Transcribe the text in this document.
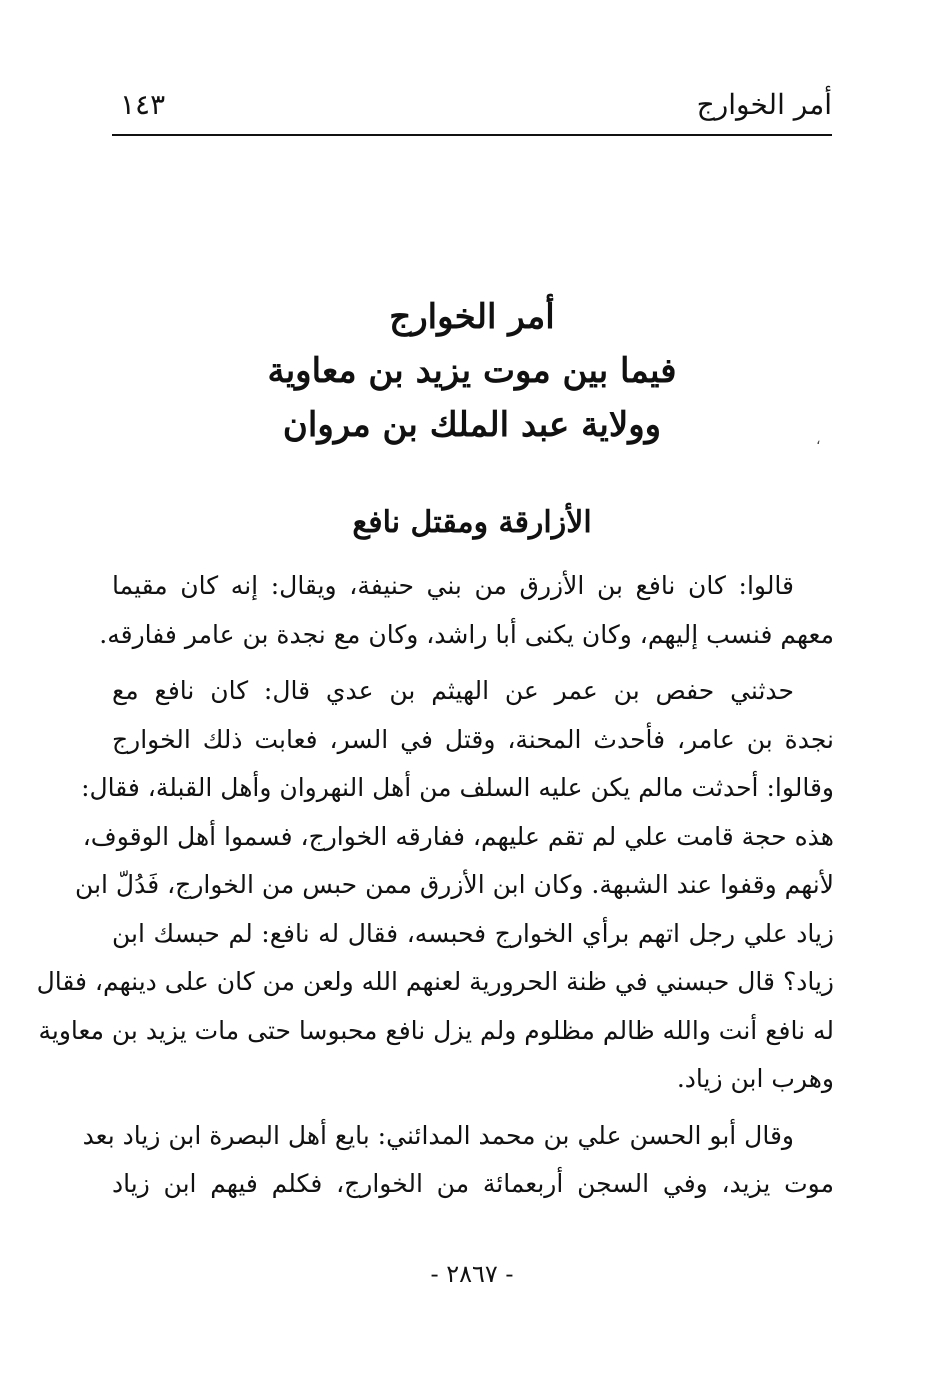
أمر الخوارج
١٤٣
أمر الخوارج
فيما بين موت يزيد بن معاوية
وولاية عبد الملك بن مروان	،
الأزارقة ومقتل نافع

قالوا: كان نافع بن الأزرق من بني حنيفة، ويقال: إنه كان مقيما
معهم فنسب إليهم، وكان يكنى أبا راشد، وكان مع نجدة بن عامر ففارقه.

حدثني حفص بن عمر عن الهيثم بن عدي قال: كان نافع مع
نجدة بن عامر، فأحدث المحنة، وقتل في السر، فعابت ذلك الخوارج
وقالوا: أحدثت مالم يكن عليه السلف من أهل النهروان وأهل القبلة، فقال:
هذه حجة قامت علي لم تقم عليهم، ففارقه الخوارج، فسموا أهل الوقوف،
لأنهم وقفوا عند الشبهة. وكان ابن الأزرق ممن حبس من الخوارج، فَدُلّ ابن
زياد علي رجل اتهم برأي الخوارج فحبسه، فقال له نافع: لم حبسك ابن
زياد؟ قال حبسني في ظنة الحرورية لعنهم الله ولعن من كان على دينهم، فقال
له نافع أنت والله ظالم مظلوم ولم يزل نافع محبوسا حتى مات يزيد بن معاوية
وهرب ابن زياد.

وقال أبو الحسن علي بن محمد المدائني: بايع أهل البصرة ابن زياد بعد
موت يزيد، وفي السجن أربعمائة من الخوارج، فكلم فيهم ابن زياد

- ٢٨٦٧ -
